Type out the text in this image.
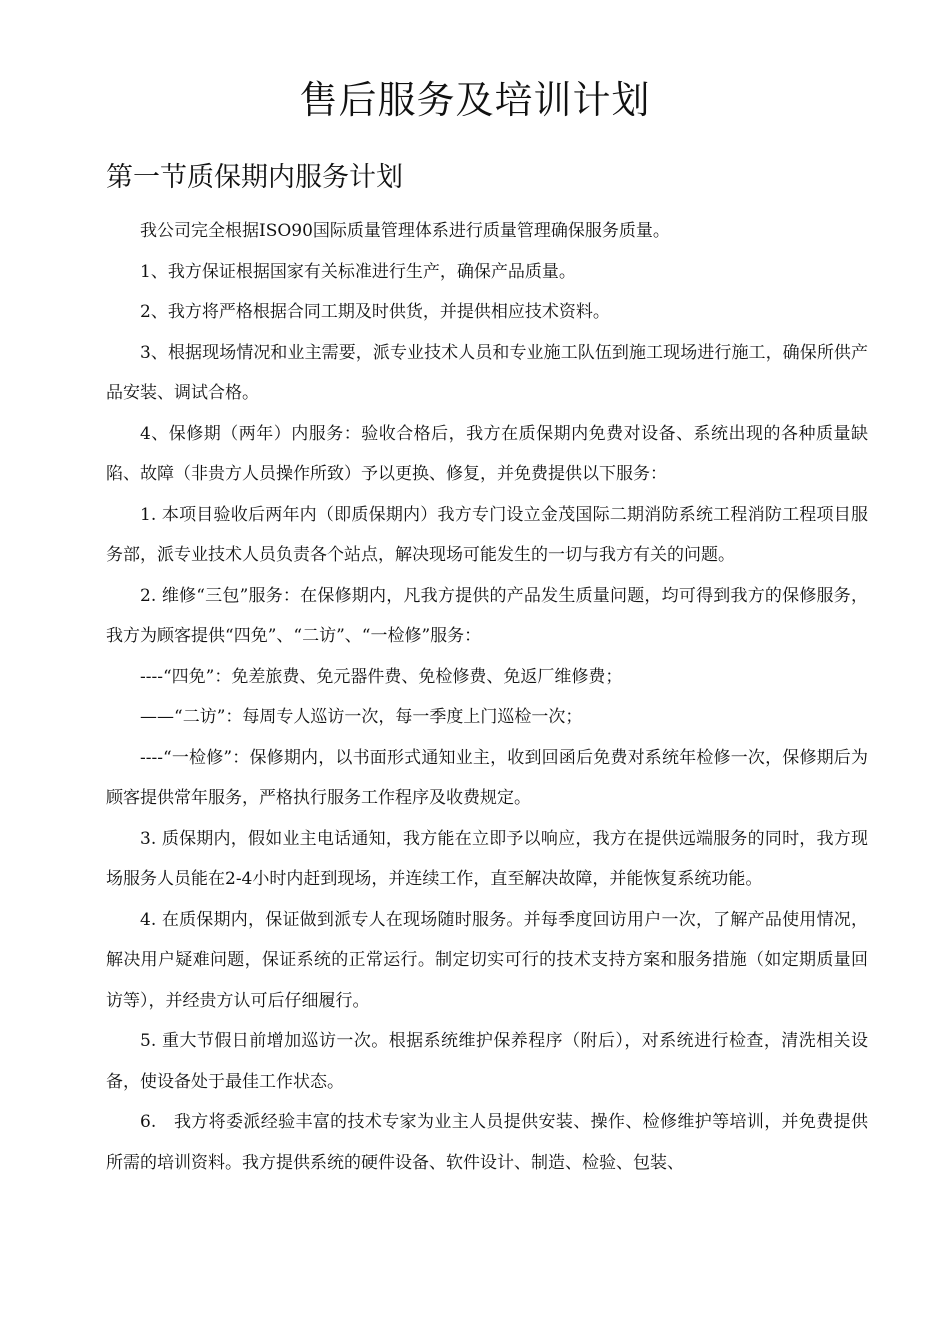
售后服务及培训计划
第一节质保期内服务计划

我公司完全根据ISO90国际质量管理体系进行质量管理确保服务质量。

1、我方保证根据国家有关标准进行生产，确保产品质量。

2、我方将严格根据合同工期及时供货，并提供相应技术资料。

3、根据现场情况和业主需要，派专业技术人员和专业施工队伍到施工现场进行施工，确保所供产品安装、调试合格。

4、保修期（两年）内服务：验收合格后，我方在质保期内免费对设备、系统出现的各种质量缺陷、故障（非贵方人员操作所致）予以更换、修复，并免费提供以下服务：

1. 本项目验收后两年内（即质保期内）我方专门设立金茂国际二期消防系统工程消防工程项目服务部，派专业技术人员负责各个站点，解决现场可能发生的一切与我方有关的问题。

2. 维修“三包”服务：在保修期内，凡我方提供的产品发生质量问题，均可得到我方的保修服务，我方为顾客提供“四免”、“二访”、“一检修”服务：

----“四免”：免差旅费、免元器件费、免检修费、免返厂维修费；

——“二访”：每周专人巡访一次，每一季度上门巡检一次；

----“一检修”：保修期内，以书面形式通知业主，收到回函后免费对系统年检修一次，保修期后为顾客提供常年服务，严格执行服务工作程序及收费规定。

3. 质保期内，假如业主电话通知，我方能在立即予以响应，我方在提供远端服务的同时，我方现场服务人员能在2-4小时内赶到现场，并连续工作，直至解决故障，并能恢复系统功能。

4. 在质保期内，保证做到派专人在现场随时服务。并每季度回访用户一次，了解产品使用情况，解决用户疑难问题，保证系统的正常运行。制定切实可行的技术支持方案和服务措施（如定期质量回访等），并经贵方认可后仔细履行。

5. 重大节假日前增加巡访一次。根据系统维护保养程序（附后），对系统进行检查，清洗相关设备，使设备处于最佳工作状态。

6.　我方将委派经验丰富的技术专家为业主人员提供安装、操作、检修维护等培训，并免费提供所需的培训资料。我方提供系统的硬件设备、软件设计、制造、检验、包装、
